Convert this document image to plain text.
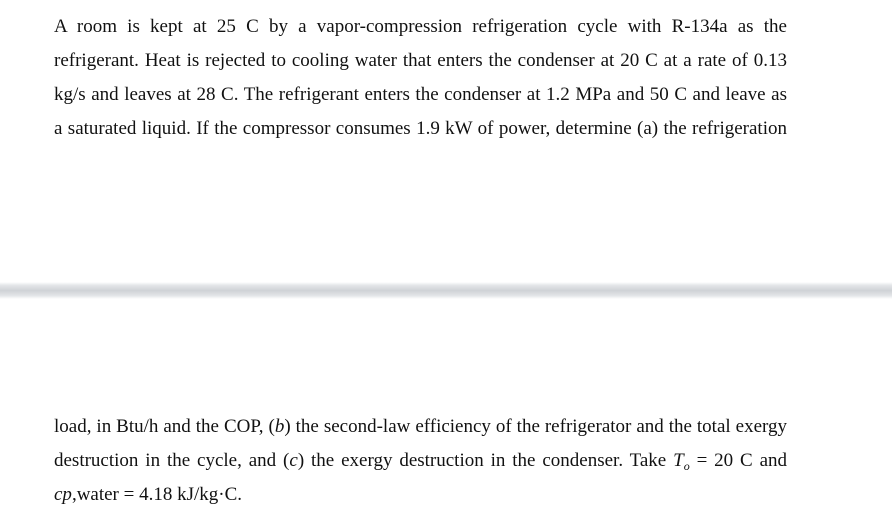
A room is kept at 25 C by a vapor-compression refrigeration cycle with R-134a as the
refrigerant. Heat is rejected to cooling water that enters the condenser at 20 C at a rate of 0.13
kg/s and leaves at 28 C. The refrigerant enters the condenser at 1.2 MPa and 50 C and leave as
a saturated liquid. If the compressor consumes 1.9 kW of power, determine (a) the refrigeration
load, in Btu/h and the COP, (b) the second-law efficiency of the refrigerator and the total exergy
destruction in the cycle, and (c) the exergy destruction in the condenser. Take $T_o = 20$ C and
cp,water = 4.18 kJ/kg·C.
